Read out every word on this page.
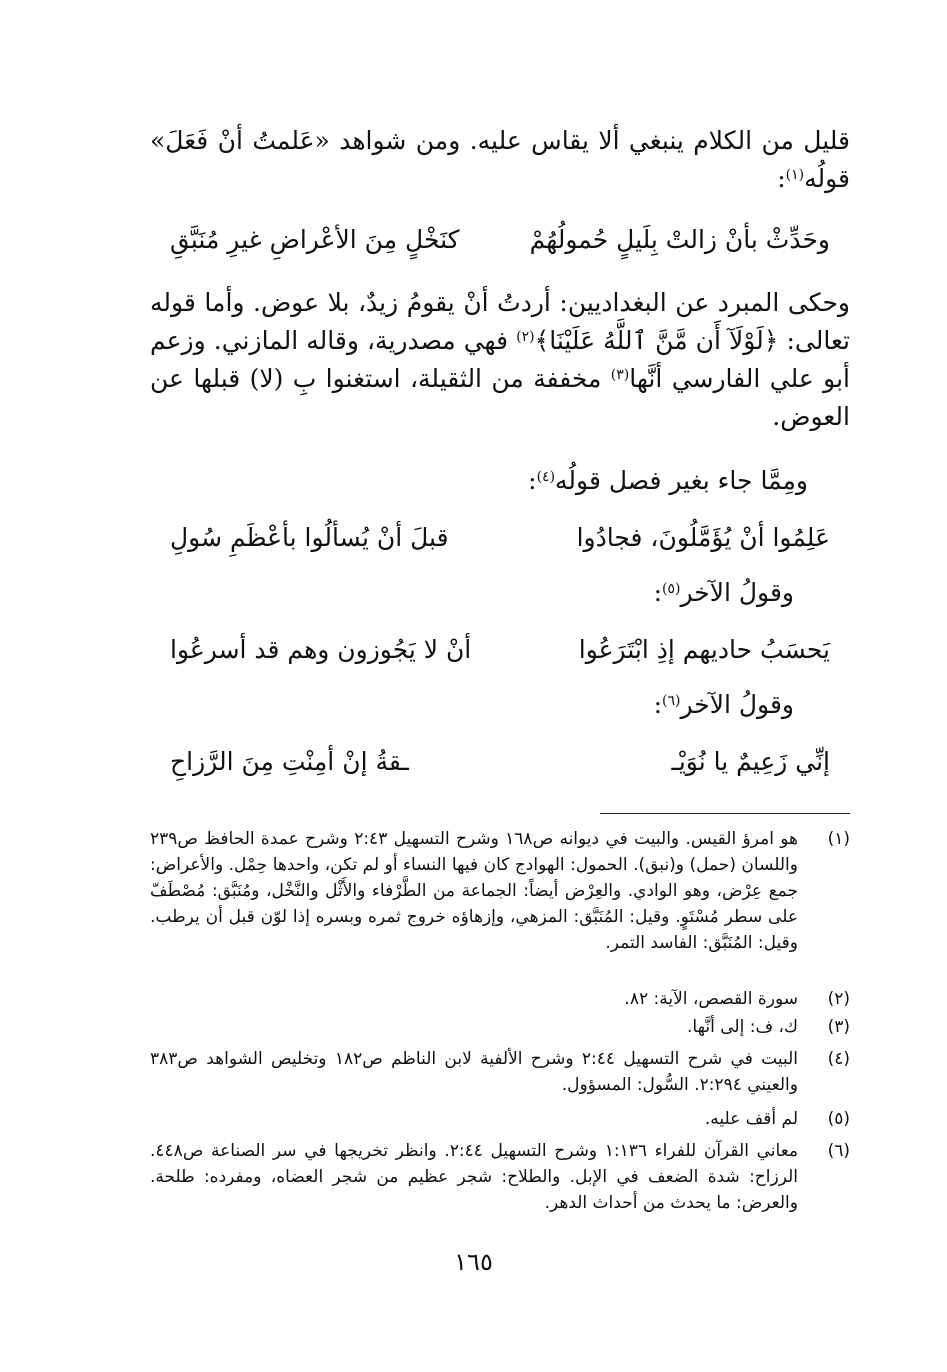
قليل من الكلام ينبغي ألا يقاس عليه. ومن شواهد «عَلمتُ أنْ فَعَلَ» قولُه$^{(١)}$:
وحَدِّثْ بأنْ زالتْ بِلَيلٍ حُمولُهُمْ
كنَخْلٍ مِنَ الأعْراضِ غيرِ مُنَبَّقِ
وحكى المبرد عن البغداديين: أردتُ أنْ يقومُ زيدٌ، بلا عوض. وأما قوله تعالى: ﴿لَوْلَآ أَن مَّنَّ ٱللَّهُ عَلَيْنَا﴾$^{(٢)}$ فهي مصدرية، وقاله المازني. وزعم أبو علي الفارسي أنَّها$^{(٣)}$ مخففة من الثقيلة، استغنوا بِ (لا) قبلها عن العوض.
ومِمَّا جاء بغير فصل قولُه$^{(٤)}$:
عَلِمُوا أنْ يُؤَمَّلُونَ، فجادُوا
قبلَ أنْ يُسألُوا بأعْظَمِ سُولِ
وقولُ الآخر$^{(٥)}$:
يَحسَبُ حاديهم إذِ ابْتَرَعُوا
أنْ لا يَجُوزون وهم قد أسرعُوا
وقولُ الآخر$^{(٦)}$:
إنِّي زَعِيمٌ يا نُوَيْـ
ـقةُ إنْ أمِنْتِ مِنَ الرَّزاحِ
(١)
هو امرؤ القيس. والبيت في ديوانه ص١٦٨ وشرح التسهيل ٢:٤٣ وشرح عمدة الحافظ ص٢٣٩ واللسان (حمل) و(نبق). الحمول: الهوادج كان فيها النساء أو لم تكن، واحدها حِمْل. والأعراض: جمع عِرْض، وهو الوادي. والعِرْض أيضاً: الجماعة من الطَّرْفاء والأَثْل والنَّخْل، ومُنَبَّق: مُصْطَفّ على سطر مُسْتَوٍ. وقيل: المُنَبَّق: المزهي، وإزهاؤه خروج ثمره وبسره إذا لوّن قبل أن يرطب. وقيل: المُنَبَّق: الفاسد التمر.
(٢)
سورة القصص، الآية: ٨٢.
(٣)
ك، ف: إلى أنَّها.
(٤)
البيت في شرح التسهيل ٢:٤٤ وشرح الألفية لابن الناظم ص١٨٢ وتخليص الشواهد ص٣٨٣ والعيني ٢:٢٩٤. السُّول: المسؤول.
(٥)
لم أقف عليه.
(٦)
معاني القرآن للفراء ١:١٣٦ وشرح التسهيل ٢:٤٤. وانظر تخريجها في سر الصناعة ص٤٤٨. الرزاح: شدة الضعف في الإبل. والطلاح: شجر عظيم من شجر العضاه، ومفرده: طلحة. والعرض: ما يحدث من أحداث الدهر.
١٦٥
